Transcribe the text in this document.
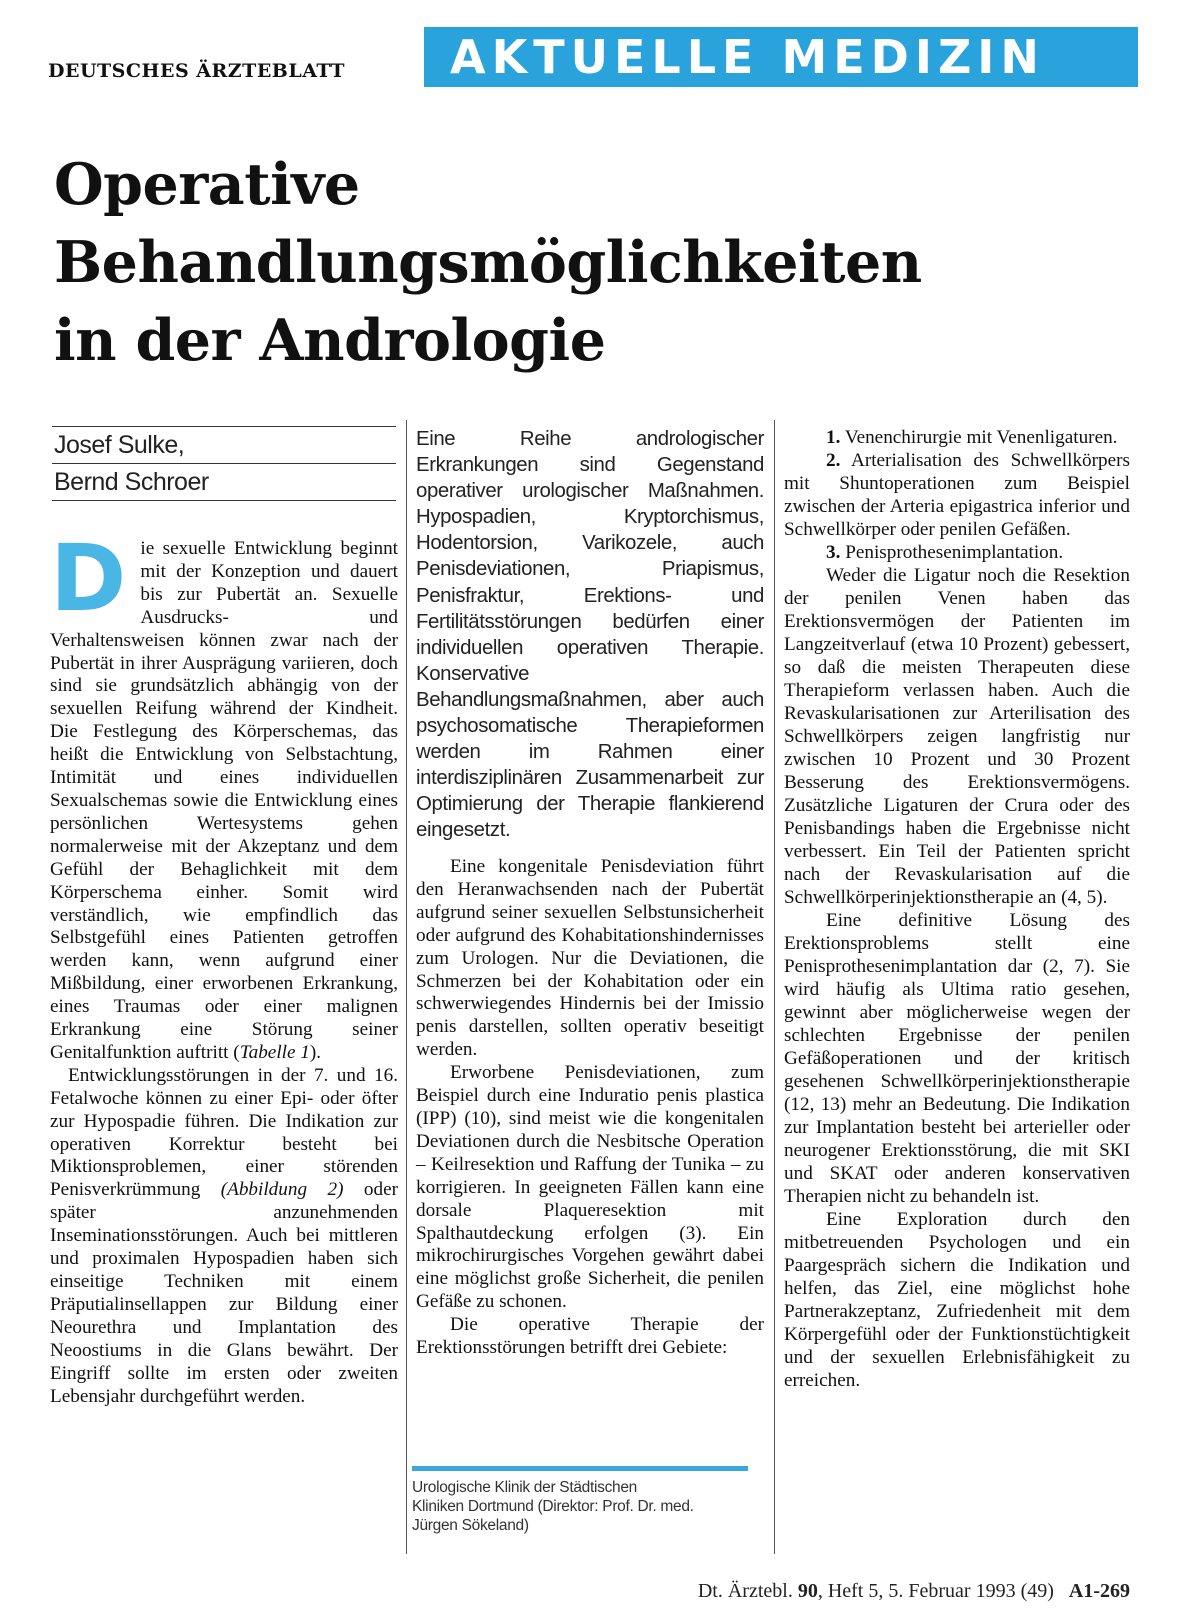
DEUTSCHES ÄRZTEBLATT	AKTUELLE MEDIZIN
Operative
Behandlungsmöglichkeiten
in der Andrologie
Josef Sulke,
Bernd Schroer

Die sexuelle Entwicklung beginnt mit der Konzeption und dauert bis zur Pubertät an. Sexuelle Ausdrucks- und Verhaltensweisen können zwar nach der Pubertät in ihrer Ausprägung variieren, doch sind sie grundsätzlich abhängig von der sexuellen Reifung während der Kindheit. Die Festlegung des Körperschemas, das heißt die Entwicklung von Selbstachtung, Intimität und eines individuellen Sexualschemas sowie die Entwicklung eines persönlichen Wertesystems gehen normalerweise mit der Akzeptanz und dem Gefühl der Behaglichkeit mit dem Körperschema einher. Somit wird verständlich, wie empfindlich das Selbstgefühl eines Patienten getroffen werden kann, wenn aufgrund einer Mißbildung, einer erworbenen Erkrankung, eines Traumas oder einer malignen Erkrankung eine Störung seiner Genitalfunktion auftritt (Tabelle 1).

Entwicklungsstörungen in der 7. und 16. Fetalwoche können zu einer Epi- oder öfter zur Hypospadie führen. Die Indikation zur operativen Korrektur besteht bei Miktionsproblemen, einer störenden Penisverkrümmung (Abbildung 2) oder später anzunehmenden Inseminationsstörungen. Auch bei mittleren und proximalen Hypospadien haben sich einseitige Techniken mit einem Präputialinsellappen zur Bildung einer Neourethra und Implantation des Neoostiums in die Glans bewährt. Der Eingriff sollte im ersten oder zweiten Lebensjahr durchgeführt werden.

Eine Reihe andrologischer Erkrankungen sind Gegenstand operativer urologischer Maßnahmen. Hypospadien, Kryptorchismus, Hodentorsion, Varikozele, auch Penisdeviationen, Priapismus, Penisfraktur, Erektions- und Fertilitätsstörungen bedürfen einer individuellen operativen Therapie. Konservative Behandlungsmaßnahmen, aber auch psychosomatische Therapieformen werden im Rahmen einer interdisziplinären Zusammenarbeit zur Optimierung der Therapie flankierend eingesetzt.

Eine kongenitale Penisdeviation führt den Heranwachsenden nach der Pubertät aufgrund seiner sexuellen Selbstunsicherheit oder aufgrund des Kohabitationshindernisses zum Urologen. Nur die Deviationen, die Schmerzen bei der Kohabitation oder ein schwerwiegendes Hindernis bei der Imissio penis darstellen, sollten operativ beseitigt werden.

Erworbene Penisdeviationen, zum Beispiel durch eine Induratio penis plastica (IPP) (10), sind meist wie die kongenitalen Deviationen durch die Nesbitsche Operation – Keilresektion und Raffung der Tunika – zu korrigieren. In geeigneten Fällen kann eine dorsale Plaqueresektion mit Spalthautdeckung erfolgen (3). Ein mikrochirurgisches Vorgehen gewährt dabei eine möglichst große Sicherheit, die penilen Gefäße zu schonen.

Die operative Therapie der Erektionsstörungen betrifft drei Gebiete:

Urologische Klinik der Städtischen
Kliniken Dortmund (Direktor: Prof. Dr. med.
Jürgen Sökeland)

1. Venenchirurgie mit Venenligaturen.

2. Arterialisation des Schwellkörpers mit Shuntoperationen zum Beispiel zwischen der Arteria epigastrica inferior und Schwellkörper oder penilen Gefäßen.

3. Penisprothesenimplantation.

Weder die Ligatur noch die Resektion der penilen Venen haben das Erektionsvermögen der Patienten im Langzeitverlauf (etwa 10 Prozent) gebessert, so daß die meisten Therapeuten diese Therapieform verlassen haben. Auch die Revaskularisationen zur Arterilisation des Schwellkörpers zeigen langfristig nur zwischen 10 Prozent und 30 Prozent Besserung des Erektionsvermögens. Zusätzliche Ligaturen der Crura oder des Penisbandings haben die Ergebnisse nicht verbessert. Ein Teil der Patienten spricht nach der Revaskularisation auf die Schwellkörperinjektionstherapie an (4, 5).

Eine definitive Lösung des Erektionsproblems stellt eine Penisprothesenimplantation dar (2, 7). Sie wird häufig als Ultima ratio gesehen, gewinnt aber möglicherweise wegen der schlechten Ergebnisse der penilen Gefäßoperationen und der kritisch gesehenen Schwellkörperinjektionstherapie (12, 13) mehr an Bedeutung. Die Indikation zur Implantation besteht bei arterieller oder neurogener Erektionsstörung, die mit SKI und SKAT oder anderen konservativen Therapien nicht zu behandeln ist.

Eine Exploration durch den mitbetreuenden Psychologen und ein Paargespräch sichern die Indikation und helfen, das Ziel, eine möglichst hohe Partnerakzeptanz, Zufriedenheit mit dem Körpergefühl oder der Funktionstüchtigkeit und der sexuellen Erlebnisfähigkeit zu erreichen.

Dt. Ärztebl. 90, Heft 5, 5. Februar 1993 (49) A1-269
